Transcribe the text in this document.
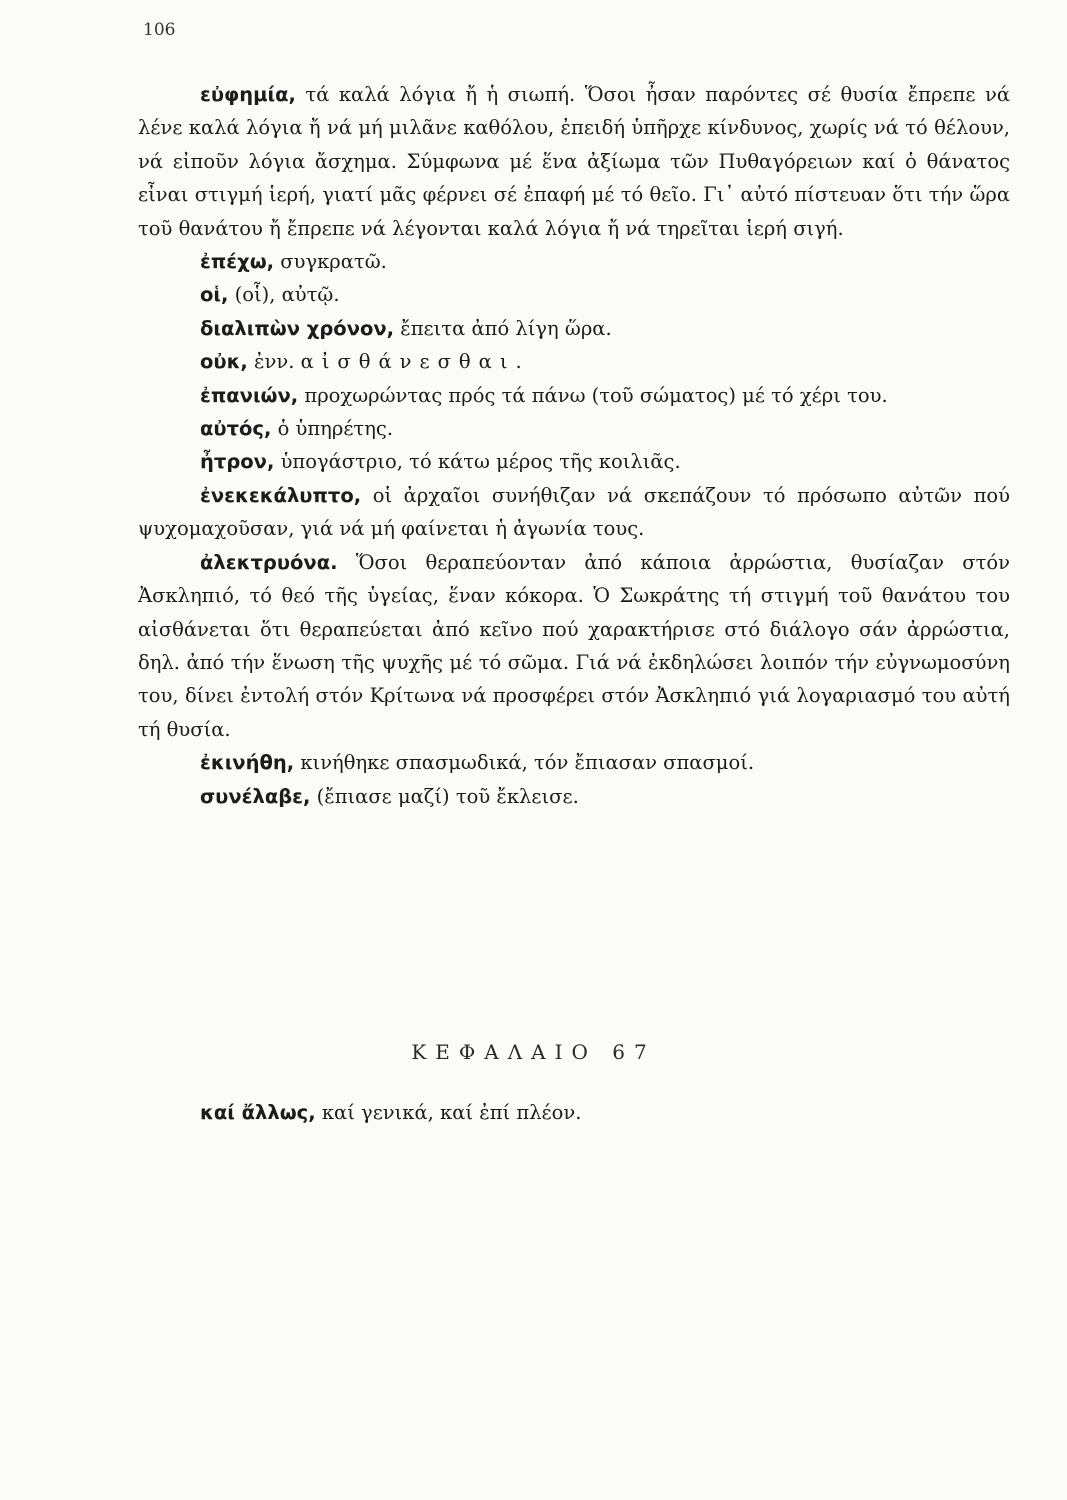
106

εὐφημία, τά καλά λόγια ἤ ἡ σιωπή. Ὅσοι ἦσαν παρόντες σέ θυσία ἔπρεπε νά λένε καλά λόγια ἤ νά μή μιλᾶνε καθόλου, ἐπειδή ὑπῆρχε κίνδυνος, χωρίς νά τό θέλουν, νά εἰποῦν λόγια ἄσχημα. Σύμφωνα μέ ἕνα ἀξίωμα τῶν Πυθαγόρειων καί ὁ θάνατος εἶναι στιγμή ἱερή, γιατί μᾶς φέρνει σέ ἐπαφή μέ τό θεῖο. Γι᾽ αὐτό πίστευαν ὅτι τήν ὥρα τοῦ θανάτου ἤ ἔπρεπε νά λέγονται καλά λόγια ἤ νά τηρεῖται ἱερή σιγή.

ἐπέχω, συγκρατῶ.

οἱ, (οἷ), αὐτῷ.

διαλιπὼν χρόνον, ἔπειτα ἀπό λίγη ὥρα.

οὐκ, ἐνν. αἰσθάνεσθαι.

ἐπανιών, προχωρώντας πρός τά πάνω (τοῦ σώματος) μέ τό χέρι του.

αὐτός, ὁ ὑπηρέτης.

ἦτρον, ὑπογάστριο, τό κάτω μέρος τῆς κοιλιᾶς.

ἐνεκεκάλυπτο, οἱ ἀρχαῖοι συνήθιζαν νά σκεπάζουν τό πρόσωπο αὐτῶν πού ψυχομαχοῦσαν, γιά νά μή φαίνεται ἡ ἀγωνία τους.

ἀλεκτρυόνα. Ὅσοι θεραπεύονταν ἀπό κάποια ἀρρώστια, θυσίαζαν στόν Ἀσκληπιό, τό θεό τῆς ὑγείας, ἕναν κόκορα. Ὁ Σωκράτης τή στιγμή τοῦ θανάτου του αἰσθάνεται ὅτι θεραπεύεται ἀπό κεῖνο πού χαρακτήρισε στό διάλογο σάν ἀρρώστια, δηλ. ἀπό τήν ἕνωση τῆς ψυχῆς μέ τό σῶμα. Γιά νά ἐκδηλώσει λοιπόν τήν εὐγνωμοσύνη του, δίνει ἐντολή στόν Κρίτωνα νά προσφέρει στόν Ἀσκληπιό γιά λογαριασμό του αὐτή τή θυσία.

ἐκινήθη, κινήθηκε σπασμωδικά, τόν ἔπιασαν σπασμοί.

συνέλαβε, (ἔπιασε μαζί) τοῦ ἔκλεισε.

ΚΕΦΑΛΑΙΟ 67

καί ἄλλως, καί γενικά, καί ἐπί πλέον.
